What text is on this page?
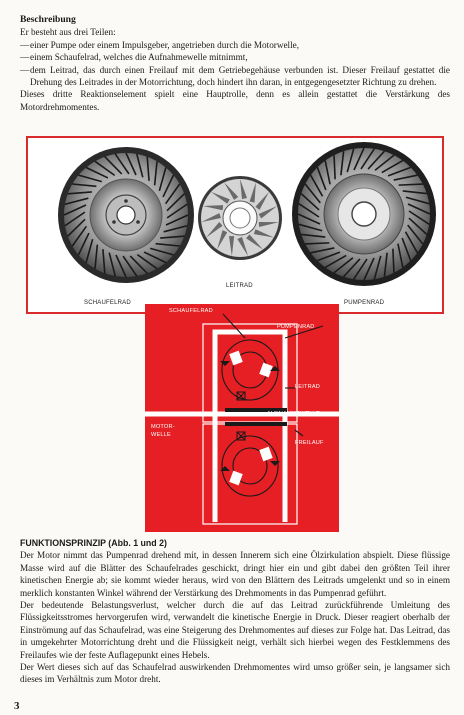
Beschreibung
Er besteht aus drei Teilen:
— einer Pumpe oder einem Impulsgeber, angetrieben durch die Motorwelle,
— einem Schaufelrad, welches die Aufnahmewelle mitnimmt,
— dem Leitrad, das durch einen Freilauf mit dem Getriebegehäuse verbunden ist. Dieser Freilauf gestattet die Drehung des Leitrades in der Motorrichtung, doch hindert ihn daran, in entgegengesetzter Richtung zu drehen.
Dieses dritte Reaktionselement spielt eine Hauptrolle, denn es allein gestattet die Verstärkung des Motordrehmomentes.
LEITRAD
SCHAUFELRAD	PUMPENRAD
SCHAUFELRAD
PUMPENRAD
LEITRAD
AUFNAHMEWELLE
MOTOR-
WELLE
FREILAUF
FUNKTIONSPRINZIP (Abb. 1 und 2)
Der Motor nimmt das Pumpenrad drehend mit, in dessen Innerem sich eine Ölzirkulation abspielt. Diese flüssige Masse wird auf die Blätter des Schaufelrades geschickt, dringt hier ein und gibt dabei den größten Teil ihrer kinetischen Energie ab; sie kommt wieder heraus, wird von den Blättern des Leitrads umgelenkt und so in einem merklich konstanten Winkel während der Verstärkung des Drehmoments in das Pumpenrad geführt.
Der bedeutende Belastungsverlust, welcher durch die auf das Leitrad zurückführende Umleitung des Flüssigkeitsstromes hervorgerufen wird, verwandelt die kinetische Energie in Druck. Dieser reagiert oberhalb der Einströmung auf das Schaufelrad, was eine Steigerung des Drehmomentes auf dieses zur Folge hat. Das Leitrad, das in umgekehrter Motorrichtung dreht und die Flüssigkeit neigt, verhält sich hierbei wegen des Festklemmens des Freilaufes wie der feste Auflagepunkt eines Hebels.
Der Wert dieses sich auf das Schaufelrad auswirkenden Drehmomentes wird umso größer sein, je langsamer sich dieses im Verhältnis zum Motor dreht.
3
